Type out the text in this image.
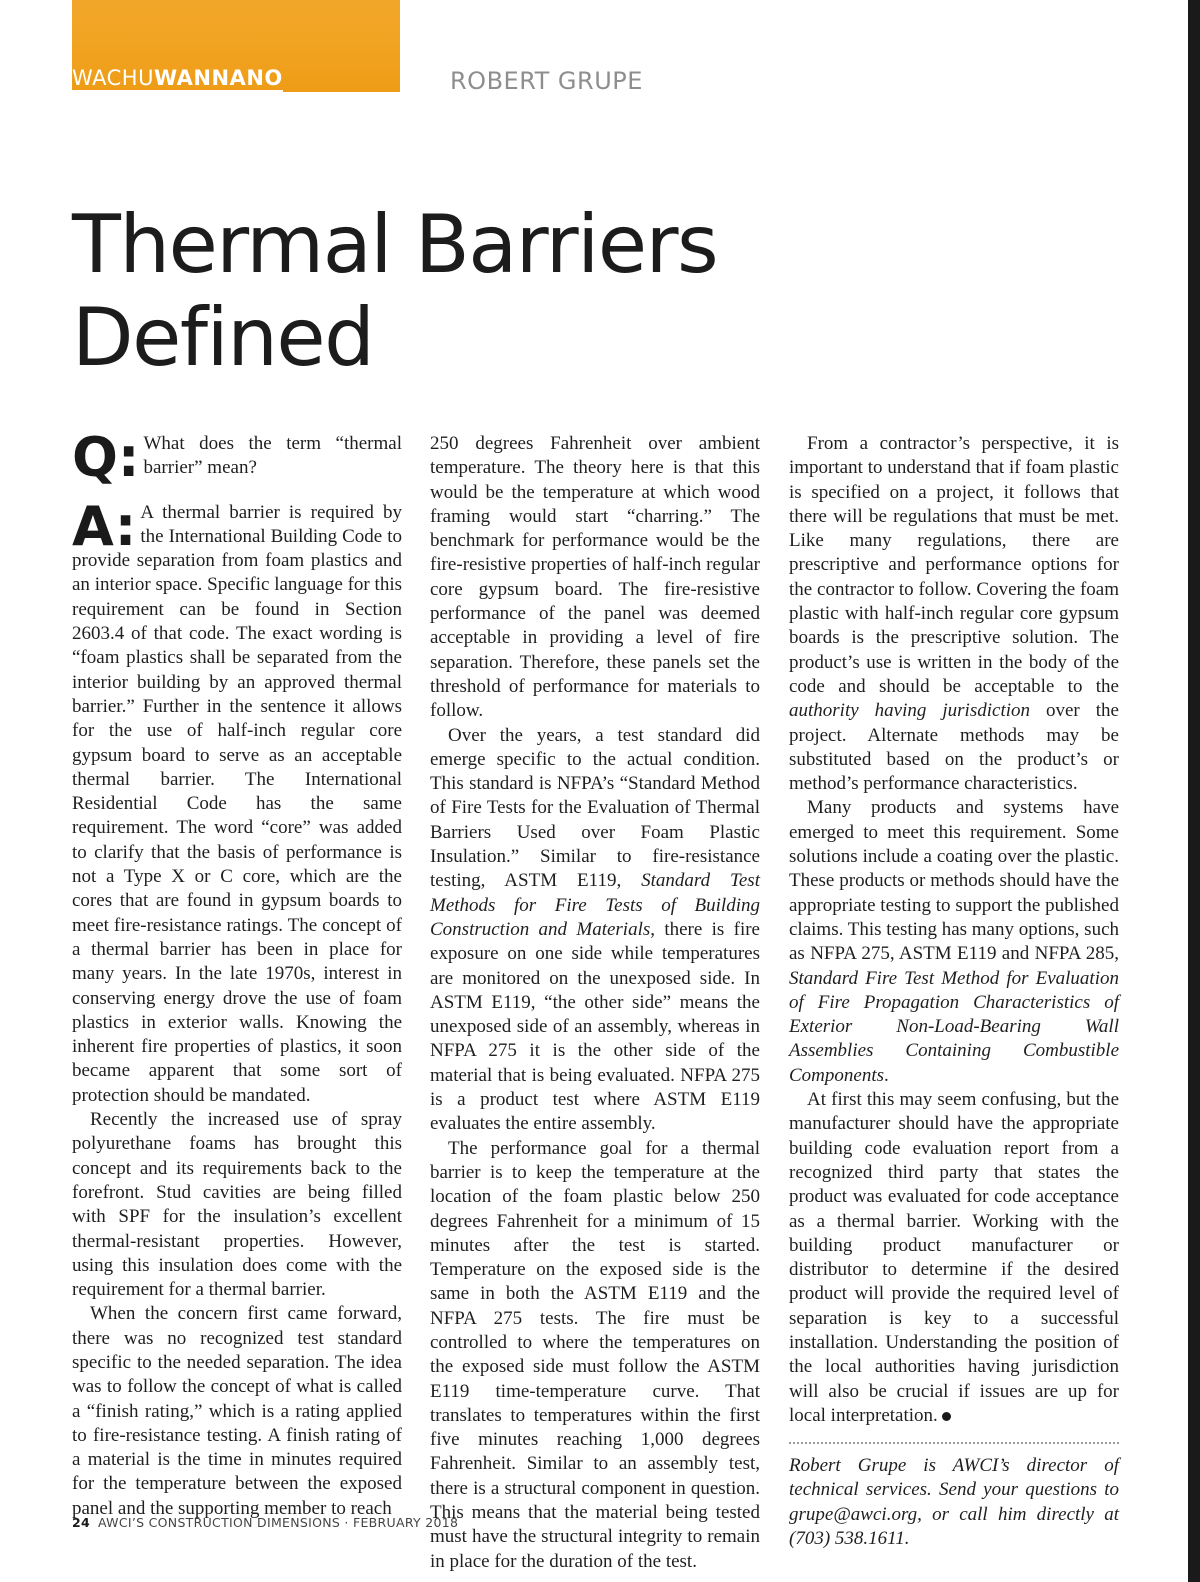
WACHUWANNANO	ROBERT GRUPE
Thermal Barriers
Defined
Q: What does the term “thermal barrier” mean?

A: A thermal barrier is required by the International Building Code to provide separation from foam plastics and an interior space. Specific language for this requirement can be found in Section 2603.4 of that code. The exact wording is “foam plastics shall be separated from the interior building by an approved thermal barrier.” Further in the sentence it allows for the use of half-inch regular core gypsum board to serve as an acceptable thermal barrier. The International Residential Code has the same requirement. The word “core” was added to clarify that the basis of performance is not a Type X or C core, which are the cores that are found in gypsum boards to meet fire-resistance ratings. The concept of a thermal barrier has been in place for many years. In the late 1970s, interest in conserving energy drove the use of foam plastics in exterior walls. Knowing the inherent fire properties of plastics, it soon became apparent that some sort of protection should be mandated.

Recently the increased use of spray polyurethane foams has brought this concept and its requirements back to the forefront. Stud cavities are being filled with SPF for the insulation’s excellent thermal-resistant properties. However, using this insulation does come with the requirement for a thermal barrier.

When the concern first came forward, there was no recognized test standard specific to the needed separation. The idea was to follow the concept of what is called a “finish rating,” which is a rating applied to fire-resistance testing. A finish rating of a material is the time in minutes required for the temperature between the exposed panel and the supporting member to reach

250 degrees Fahrenheit over ambient temperature. The theory here is that this would be the temperature at which wood framing would start “charring.” The benchmark for performance would be the fire-resistive properties of half-inch regular core gypsum board. The fire-resistive performance of the panel was deemed acceptable in providing a level of fire separation. Therefore, these panels set the threshold of performance for materials to follow.

Over the years, a test standard did emerge specific to the actual condition. This standard is NFPA’s “Standard Method of Fire Tests for the Evaluation of Thermal Barriers Used over Foam Plastic Insulation.” Similar to fire-resistance testing, ASTM E119, Standard Test Methods for Fire Tests of Building Construction and Materials, there is fire exposure on one side while temperatures are monitored on the unexposed side. In ASTM E119, “the other side” means the unexposed side of an assembly, whereas in NFPA 275 it is the other side of the material that is being evaluated. NFPA 275 is a product test where ASTM E119 evaluates the entire assembly.

The performance goal for a thermal barrier is to keep the temperature at the location of the foam plastic below 250 degrees Fahrenheit for a minimum of 15 minutes after the test is started. Temperature on the exposed side is the same in both the ASTM E119 and the NFPA 275 tests. The fire must be controlled to where the temperatures on the exposed side must follow the ASTM E119 time-temperature curve. That translates to temperatures within the first five minutes reaching 1,000 degrees Fahrenheit. Similar to an assembly test, there is a structural component in question. This means that the material being tested must have the structural integrity to remain in place for the duration of the test.

From a contractor’s perspective, it is important to understand that if foam plastic is specified on a project, it follows that there will be regulations that must be met. Like many regulations, there are prescriptive and performance options for the contractor to follow. Covering the foam plastic with half-inch regular core gypsum boards is the prescriptive solution. The product’s use is written in the body of the code and should be acceptable to the authority having jurisdiction over the project. Alternate methods may be substituted based on the product’s or method’s performance characteristics.

Many products and systems have emerged to meet this requirement. Some solutions include a coating over the plastic. These products or methods should have the appropriate testing to support the published claims. This testing has many options, such as NFPA 275, ASTM E119 and NFPA 285, Standard Fire Test Method for Evaluation of Fire Propagation Characteristics of Exterior Non-Load-Bearing Wall Assemblies Containing Combustible Components.

At first this may seem confusing, but the manufacturer should have the appropriate building code evaluation report from a recognized third party that states the product was evaluated for code acceptance as a thermal barrier. Working with the building product manufacturer or distributor to determine if the desired product will provide the required level of separation is key to a successful installation. Understanding the position of the local authorities having jurisdiction will also be crucial if issues are up for local interpretation.

Robert Grupe is AWCI’s director of technical services. Send your questions to grupe@awci.org, or call him directly at (703) 538.1611.

24 AWCI’S CONSTRUCTION DIMENSIONS · FEBRUARY 2018
